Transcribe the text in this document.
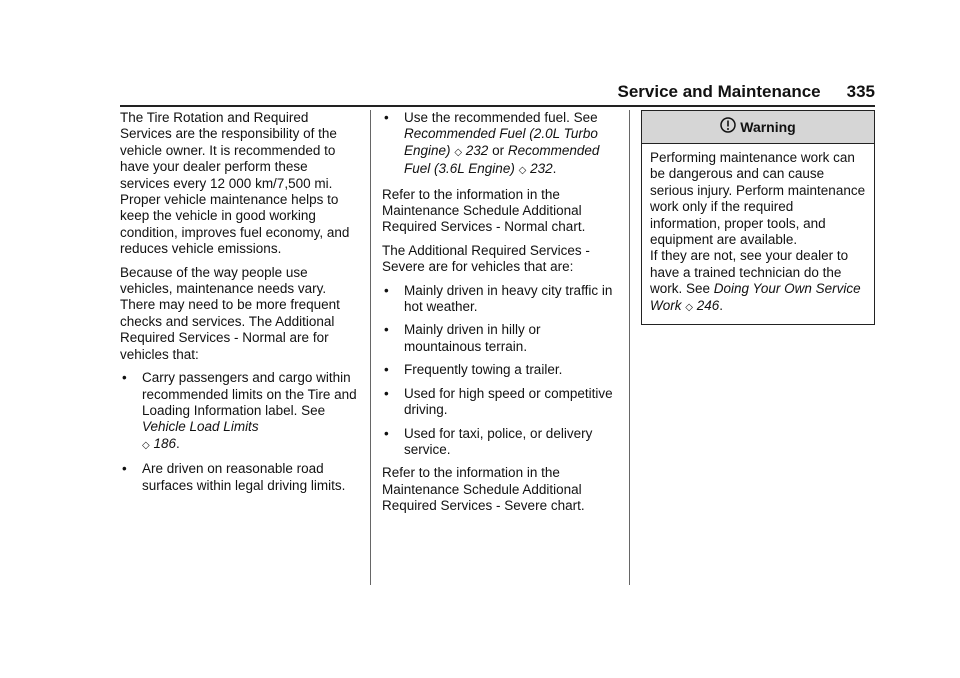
Service and Maintenance 335

The Tire Rotation and Required Services are the responsibility of the vehicle owner. It is recommended to have your dealer perform these services every 12 000 km/7,500 mi. Proper vehicle maintenance helps to keep the vehicle in good working condition, improves fuel economy, and reduces vehicle emissions.

Because of the way people use vehicles, maintenance needs vary. There may need to be more frequent checks and services. The Additional Required Services - Normal are for vehicles that:

•	Carry passengers and cargo within recommended limits on the Tire and Loading Information label. See Vehicle Load Limits
◇ 186.
•	Are driven on reasonable road surfaces within legal driving limits.
•	Use the recommended fuel. See Recommended Fuel (2.0L Turbo Engine) ◇ 232 or Recommended Fuel (3.6L Engine) ◇ 232.

Refer to the information in the Maintenance Schedule Additional Required Services - Normal chart.

The Additional Required Services - Severe are for vehicles that are:

•	Mainly driven in heavy city traffic in hot weather.
•	Mainly driven in hilly or mountainous terrain.
•	Frequently towing a trailer.
•	Used for high speed or competitive driving.
•	Used for taxi, police, or delivery service.

Refer to the information in the Maintenance Schedule Additional Required Services - Severe chart.

Warning

Performing maintenance work can be dangerous and can cause serious injury. Perform maintenance work only if the required information, proper tools, and equipment are available.

If they are not, see your dealer to have a trained technician do the work. See Doing Your Own Service Work ◇ 246.
